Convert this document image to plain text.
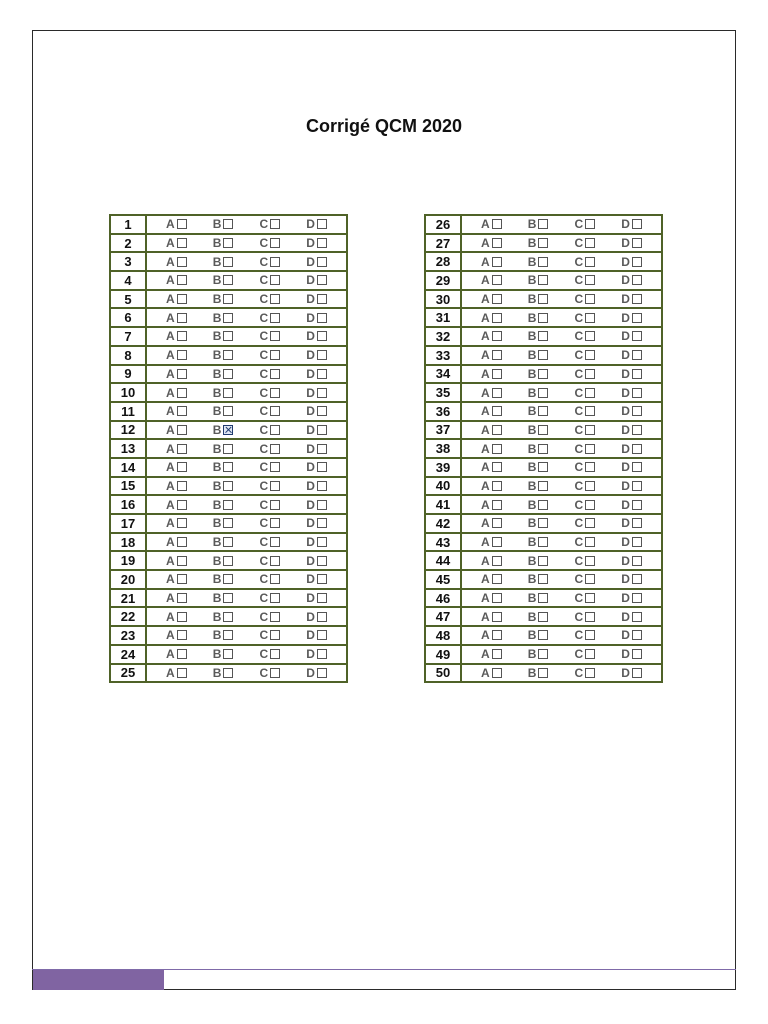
Corrigé QCM 2020
1	A B C D

2	A B C D

3	A B C D

4	A B C D

5	A B C D

6	A B C D

7	A B C D

8	A B C D

9	A B C D

10	A B C D

11	A B C D

12	A B C D

13	A B C D

14	A B C D

15	A B C D

16	A B C D

17	A B C D

18	A B C D

19	A B C D

20	A B C D

21	A B C D

22	A B C D

23	A B C D

24	A B C D

25	A B C D
26	A B C D

27	A B C D

28	A B C D

29	A B C D

30	A B C D

31	A B C D

32	A B C D

33	A B C D

34	A B C D

35	A B C D

36	A B C D

37	A B C D

38	A B C D

39	A B C D

40	A B C D

41	A B C D

42	A B C D

43	A B C D

44	A B C D

45	A B C D

46	A B C D

47	A B C D

48	A B C D

49	A B C D

50	A B C D
